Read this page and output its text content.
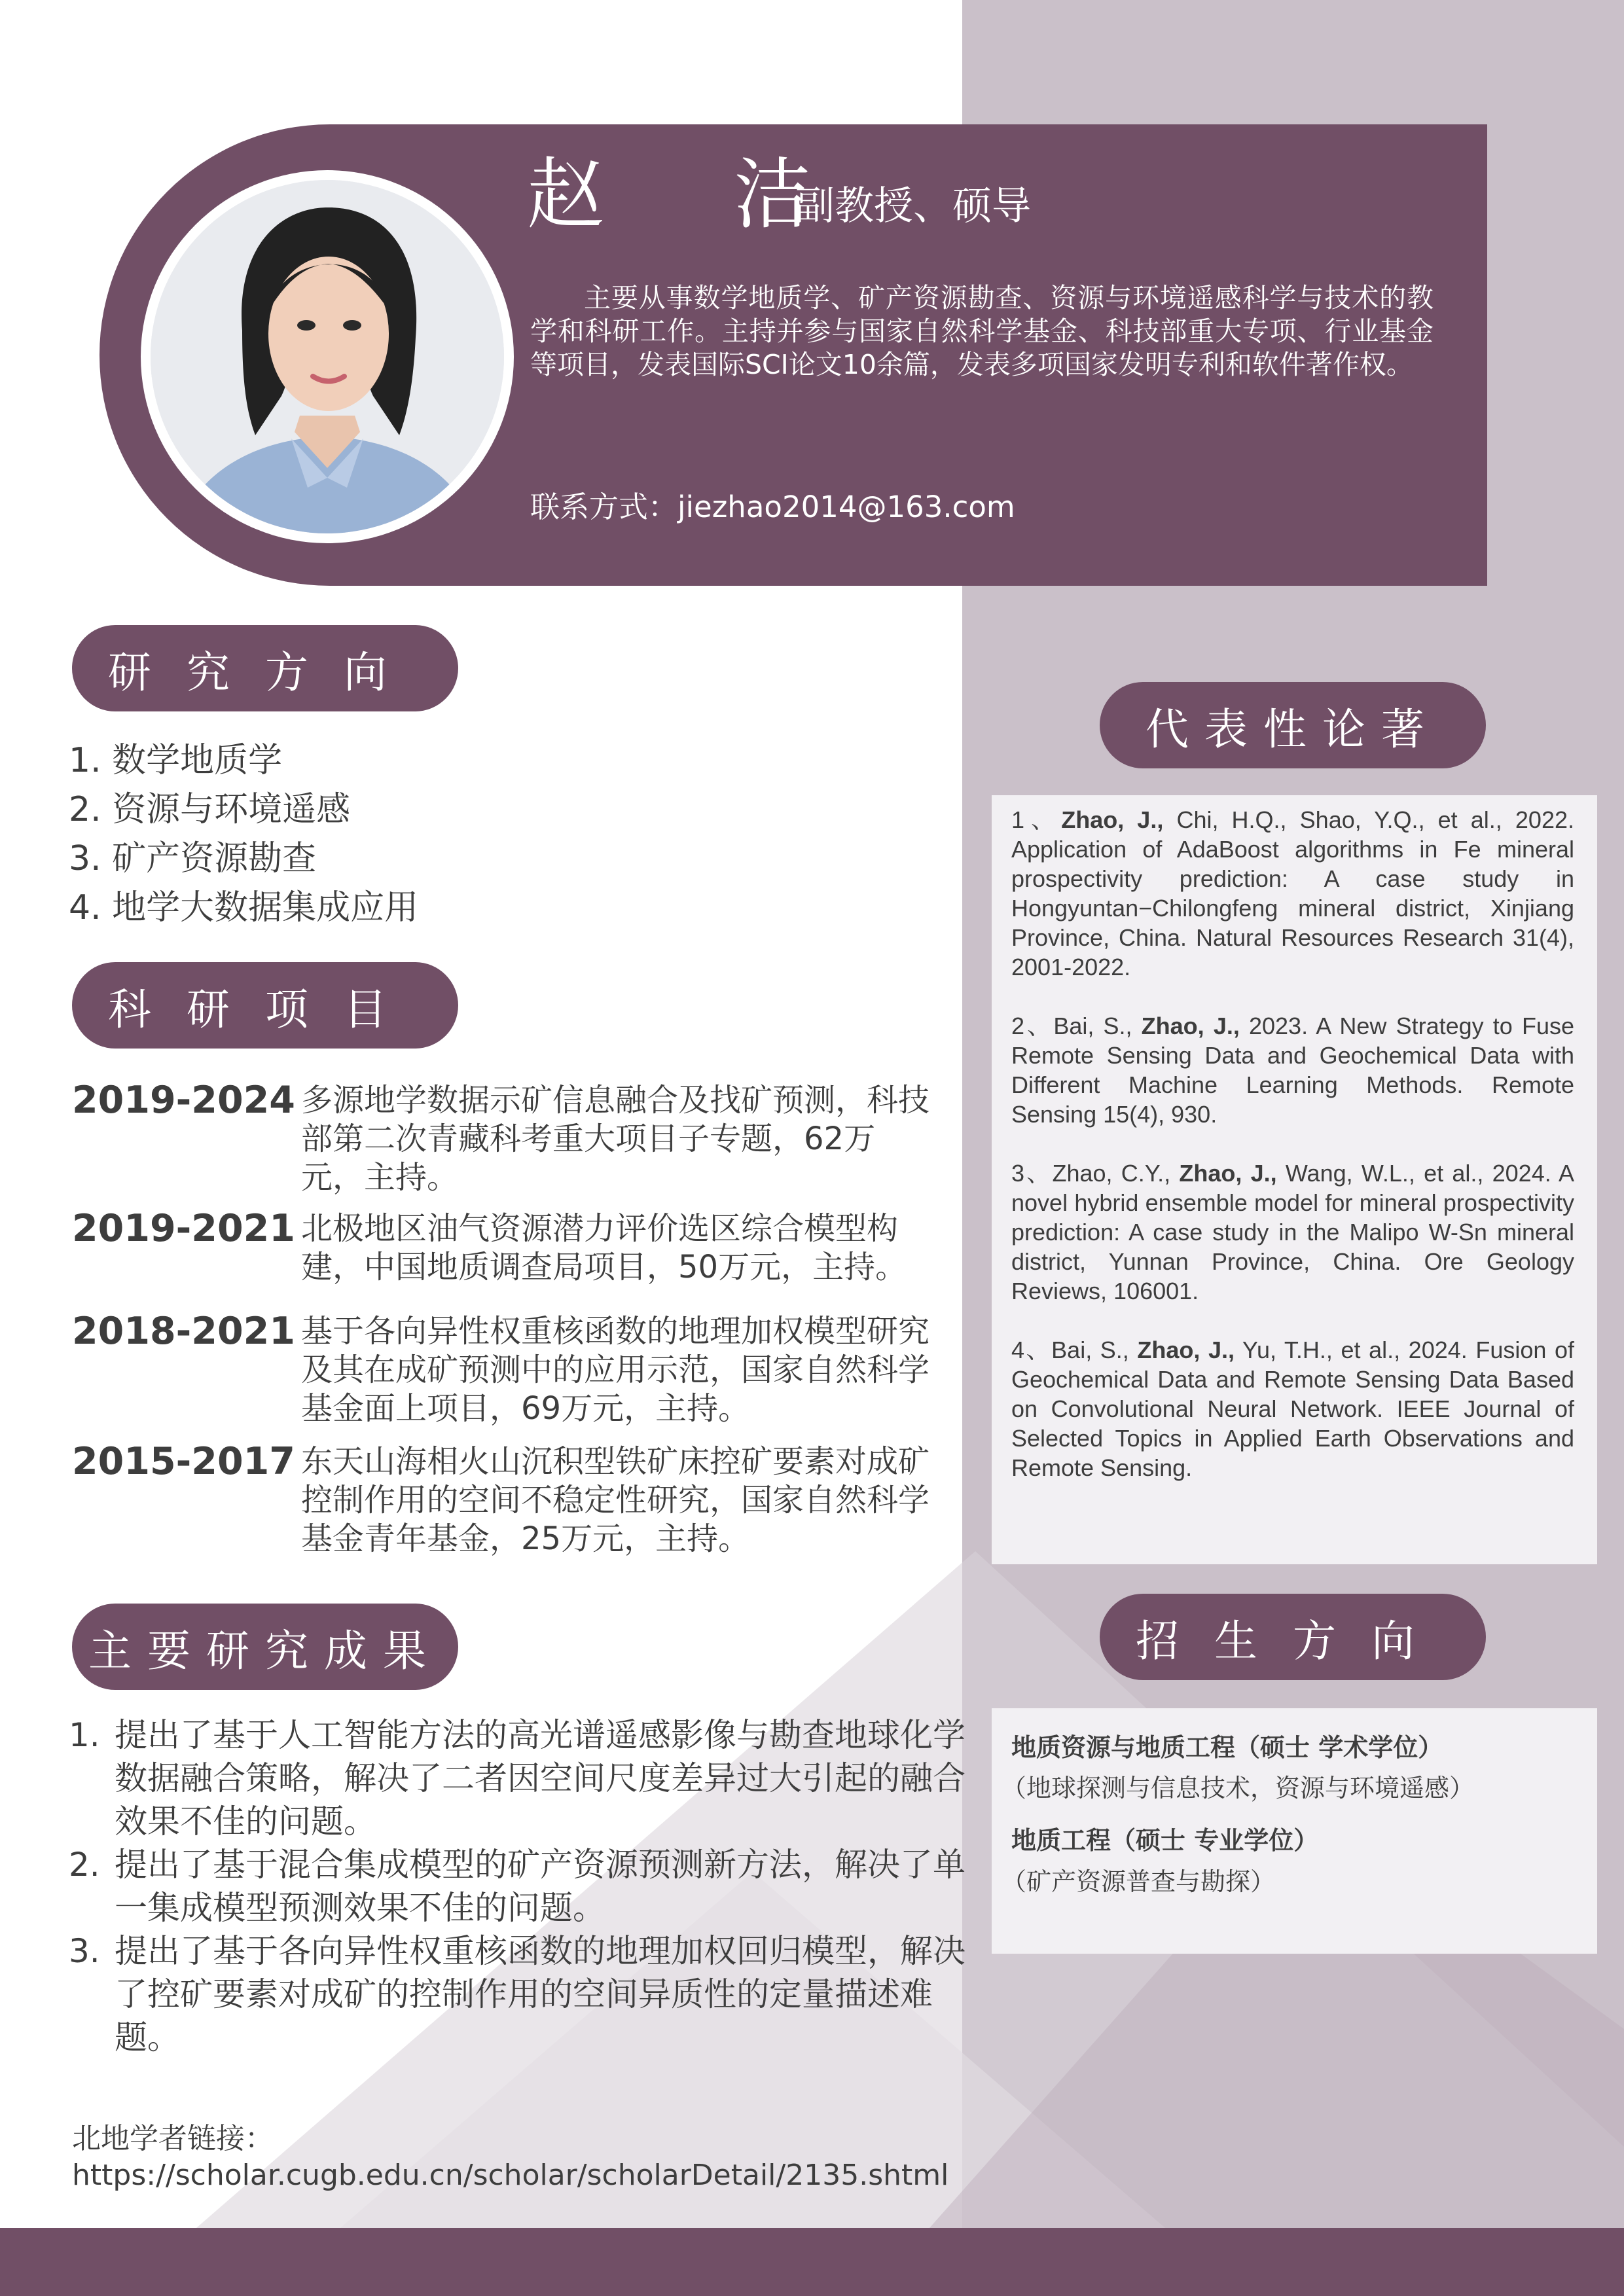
赵 洁
副教授、硕导

主要从事数学地质学、矿产资源勘查、资源与环境遥感科学与技术的教学和科研工作。主持并参与国家自然科学基金、科技部重大专项、行业基金等项目，发表国际SCI论文10余篇，发表多项国家发明专利和软件著作权。

联系方式：jiezhao2014@163.com
研究方向
1. 数学地质学
2. 资源与环境遥感
3. 矿产资源勘查
4. 地学大数据集成应用
科研项目
2019-2024 多源地学数据示矿信息融合及找矿预测，科技部第二次青藏科考重大项目子专题，62万元，主持。
2019-2021 北极地区油气资源潜力评价选区综合模型构建，中国地质调查局项目，50万元，主持。
2018-2021 基于各向异性权重核函数的地理加权模型研究及其在成矿预测中的应用示范，国家自然科学基金面上项目，69万元，主持。
2015-2017 东天山海相火山沉积型铁矿床控矿要素对成矿控制作用的空间不稳定性研究，国家自然科学基金青年基金，25万元，主持。
主要研究成果
1. 提出了基于人工智能方法的高光谱遥感影像与勘查地球化学数据融合策略，解决了二者因空间尺度差异过大引起的融合效果不佳的问题。
2. 提出了基于混合集成模型的矿产资源预测新方法，解决了单一集成模型预测效果不佳的问题。
3. 提出了基于各向异性权重核函数的地理加权回归模型，解决了控矿要素对成矿的控制作用的空间异质性的定量描述难题。
北地学者链接：
https://scholar.cugb.edu.cn/scholar/scholarDetail/2135.shtml
代表性论著

1、Zhao, J., Chi, H.Q., Shao, Y.Q., et al., 2022. Application of AdaBoost algorithms in Fe mineral prospectivity prediction: A case study in Hongyuntan−Chilongfeng mineral district, Xinjiang Province, China. Natural Resources Research 31(4), 2001-2022.

2、Bai, S., Zhao, J., 2023. A New Strategy to Fuse Remote Sensing Data and Geochemical Data with Different Machine Learning Methods. Remote Sensing 15(4), 930.

3、Zhao, C.Y., Zhao, J., Wang, W.L., et al., 2024. A novel hybrid ensemble model for mineral prospectivity prediction: A case study in the Malipo W-Sn mineral district, Yunnan Province, China. Ore Geology Reviews, 106001.

4、Bai, S., Zhao, J., Yu, T.H., et al., 2024. Fusion of Geochemical Data and Remote Sensing Data Based on Convolutional Neural Network. IEEE Journal of Selected Topics in Applied Earth Observations and Remote Sensing.

招生方向
地质资源与地质工程（硕士 学术学位）
（地球探测与信息技术，资源与环境遥感）
地质工程（硕士 专业学位）
（矿产资源普查与勘探）
